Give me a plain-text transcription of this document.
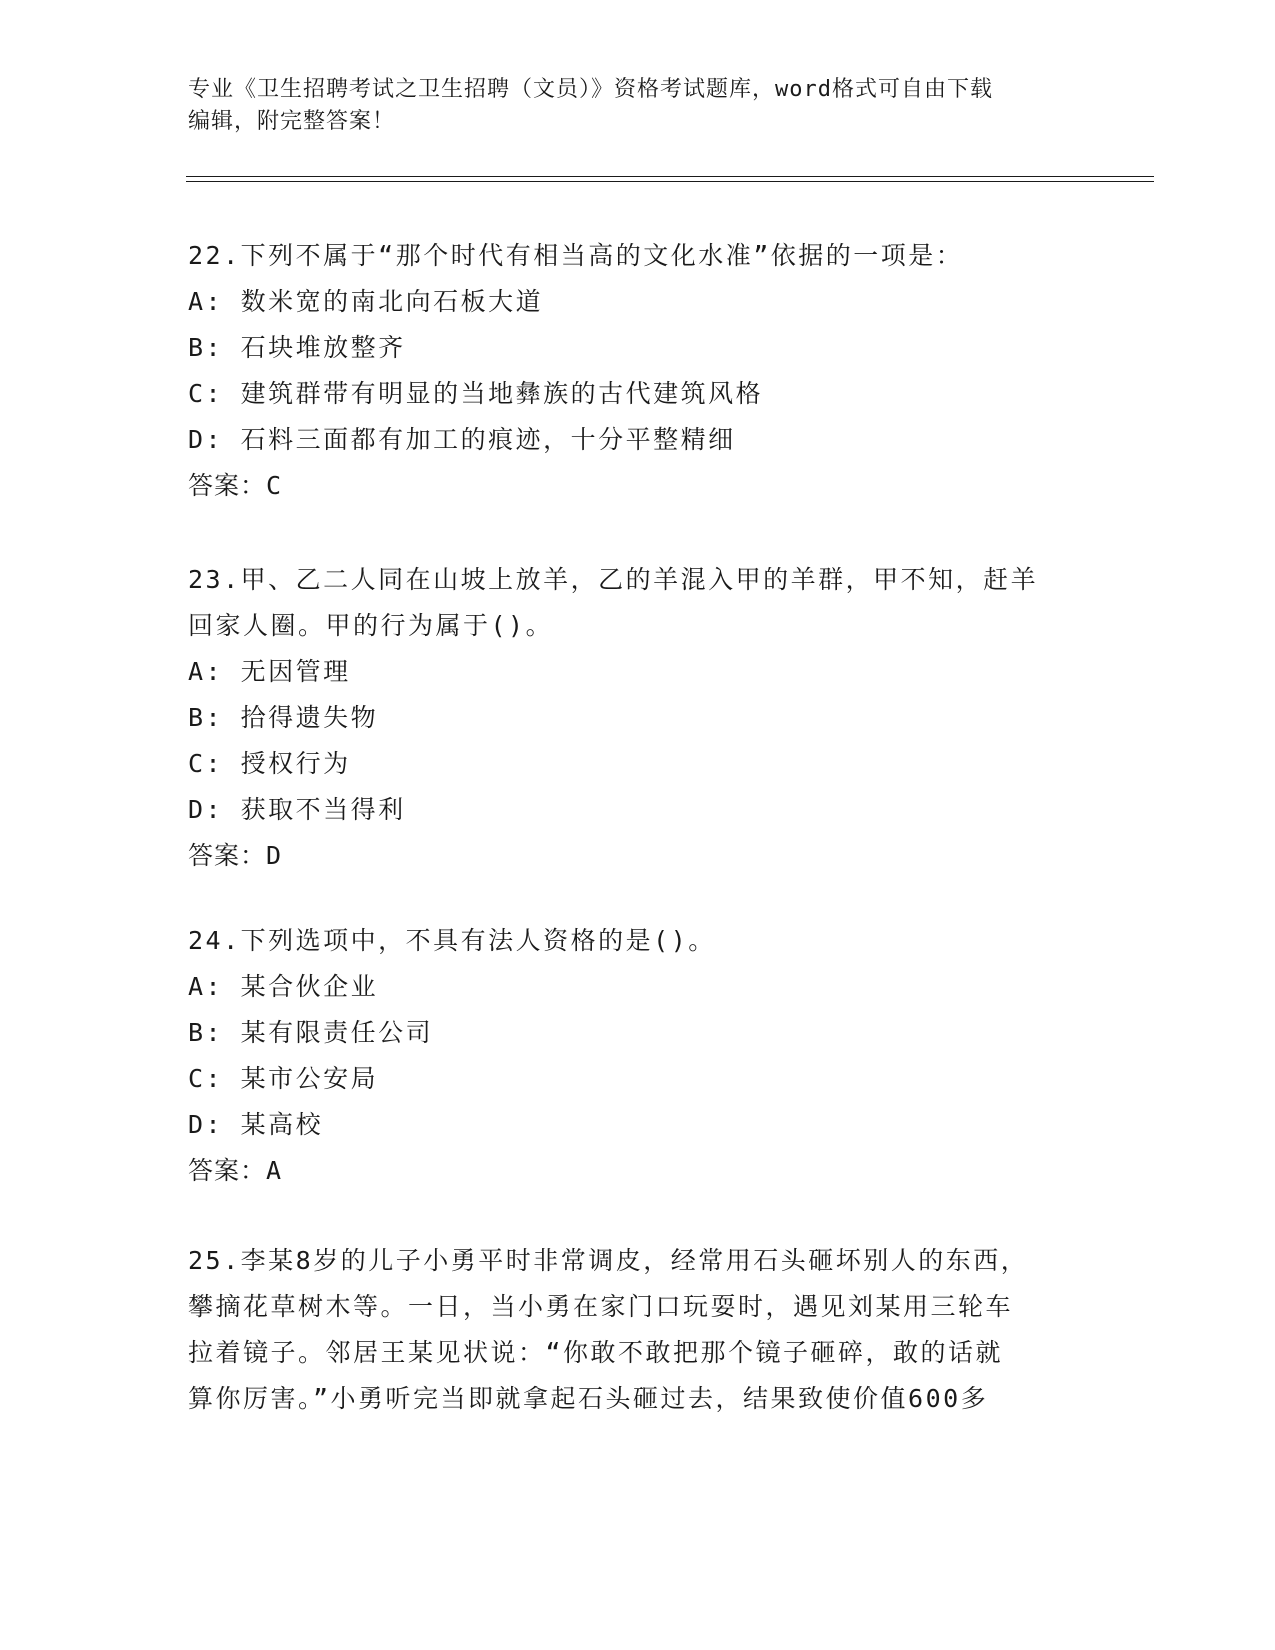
专业《卫生招聘考试之卫生招聘（文员）》资格考试题库，word格式可自由下载
编辑，附完整答案！
22.下列不属于“那个时代有相当高的文化水准”依据的一项是：
A: 数米宽的南北向石板大道
B: 石块堆放整齐
C: 建筑群带有明显的当地彝族的古代建筑风格
D: 石料三面都有加工的痕迹，十分平整精细
答案：C
23.甲、乙二人同在山坡上放羊，乙的羊混入甲的羊群，甲不知，赶羊
回家人圈。甲的行为属于()。
A: 无因管理
B: 拾得遗失物
C: 授权行为
D: 获取不当得利
答案：D
24.下列选项中，不具有法人资格的是()。
A: 某合伙企业
B: 某有限责任公司
C: 某市公安局
D: 某高校
答案：A
25.李某8岁的儿子小勇平时非常调皮，经常用石头砸坏别人的东西，
攀摘花草树木等。一日，当小勇在家门口玩耍时，遇见刘某用三轮车
拉着镜子。邻居王某见状说：“你敢不敢把那个镜子砸碎，敢的话就
算你厉害。”小勇听完当即就拿起石头砸过去，结果致使价值600多
